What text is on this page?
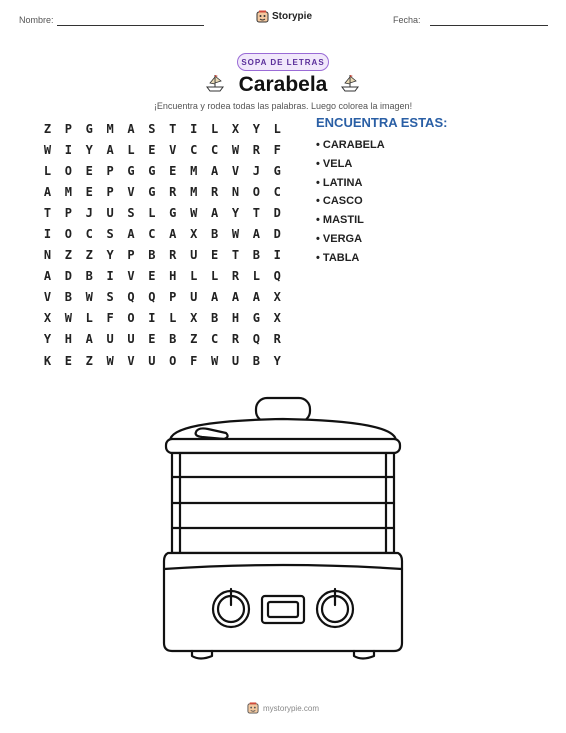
Nombre:	Storypie	Fecha:
SOPA DE LETRAS
Carabela
¡Encuentra y rodea todas las palabras. Luego colorea la imagen!
Z	P	G	M	A	S	T	I	L	X	Y	L
W	I	Y	A	L	E	V	C	C	W	R	F
L	O	E	P	G	G	E	M	A	V	J	G
A	M	E	P	V	G	R	M	R	N	O	C
T	P	J	U	S	L	G	W	A	Y	T	D
I	O	C	S	A	C	A	X	B	W	A	D
N	Z	Z	Y	P	B	R	U	E	T	B	I
A	D	B	I	V	E	H	L	L	R	L	Q
V	B	W	S	Q	Q	P	U	A	A	A	X
X	W	L	F	O	I	L	X	B	H	G	X
Y	H	A	U	U	E	B	Z	C	R	Q	R
K	E	Z	W	V	U	O	F	W	U	B	Y
ENCUENTRA ESTAS:
• CARABELA
• VELA
• LATINA
• CASCO
• MASTIL
• VERGA
• TABLA
mystorypie.com
